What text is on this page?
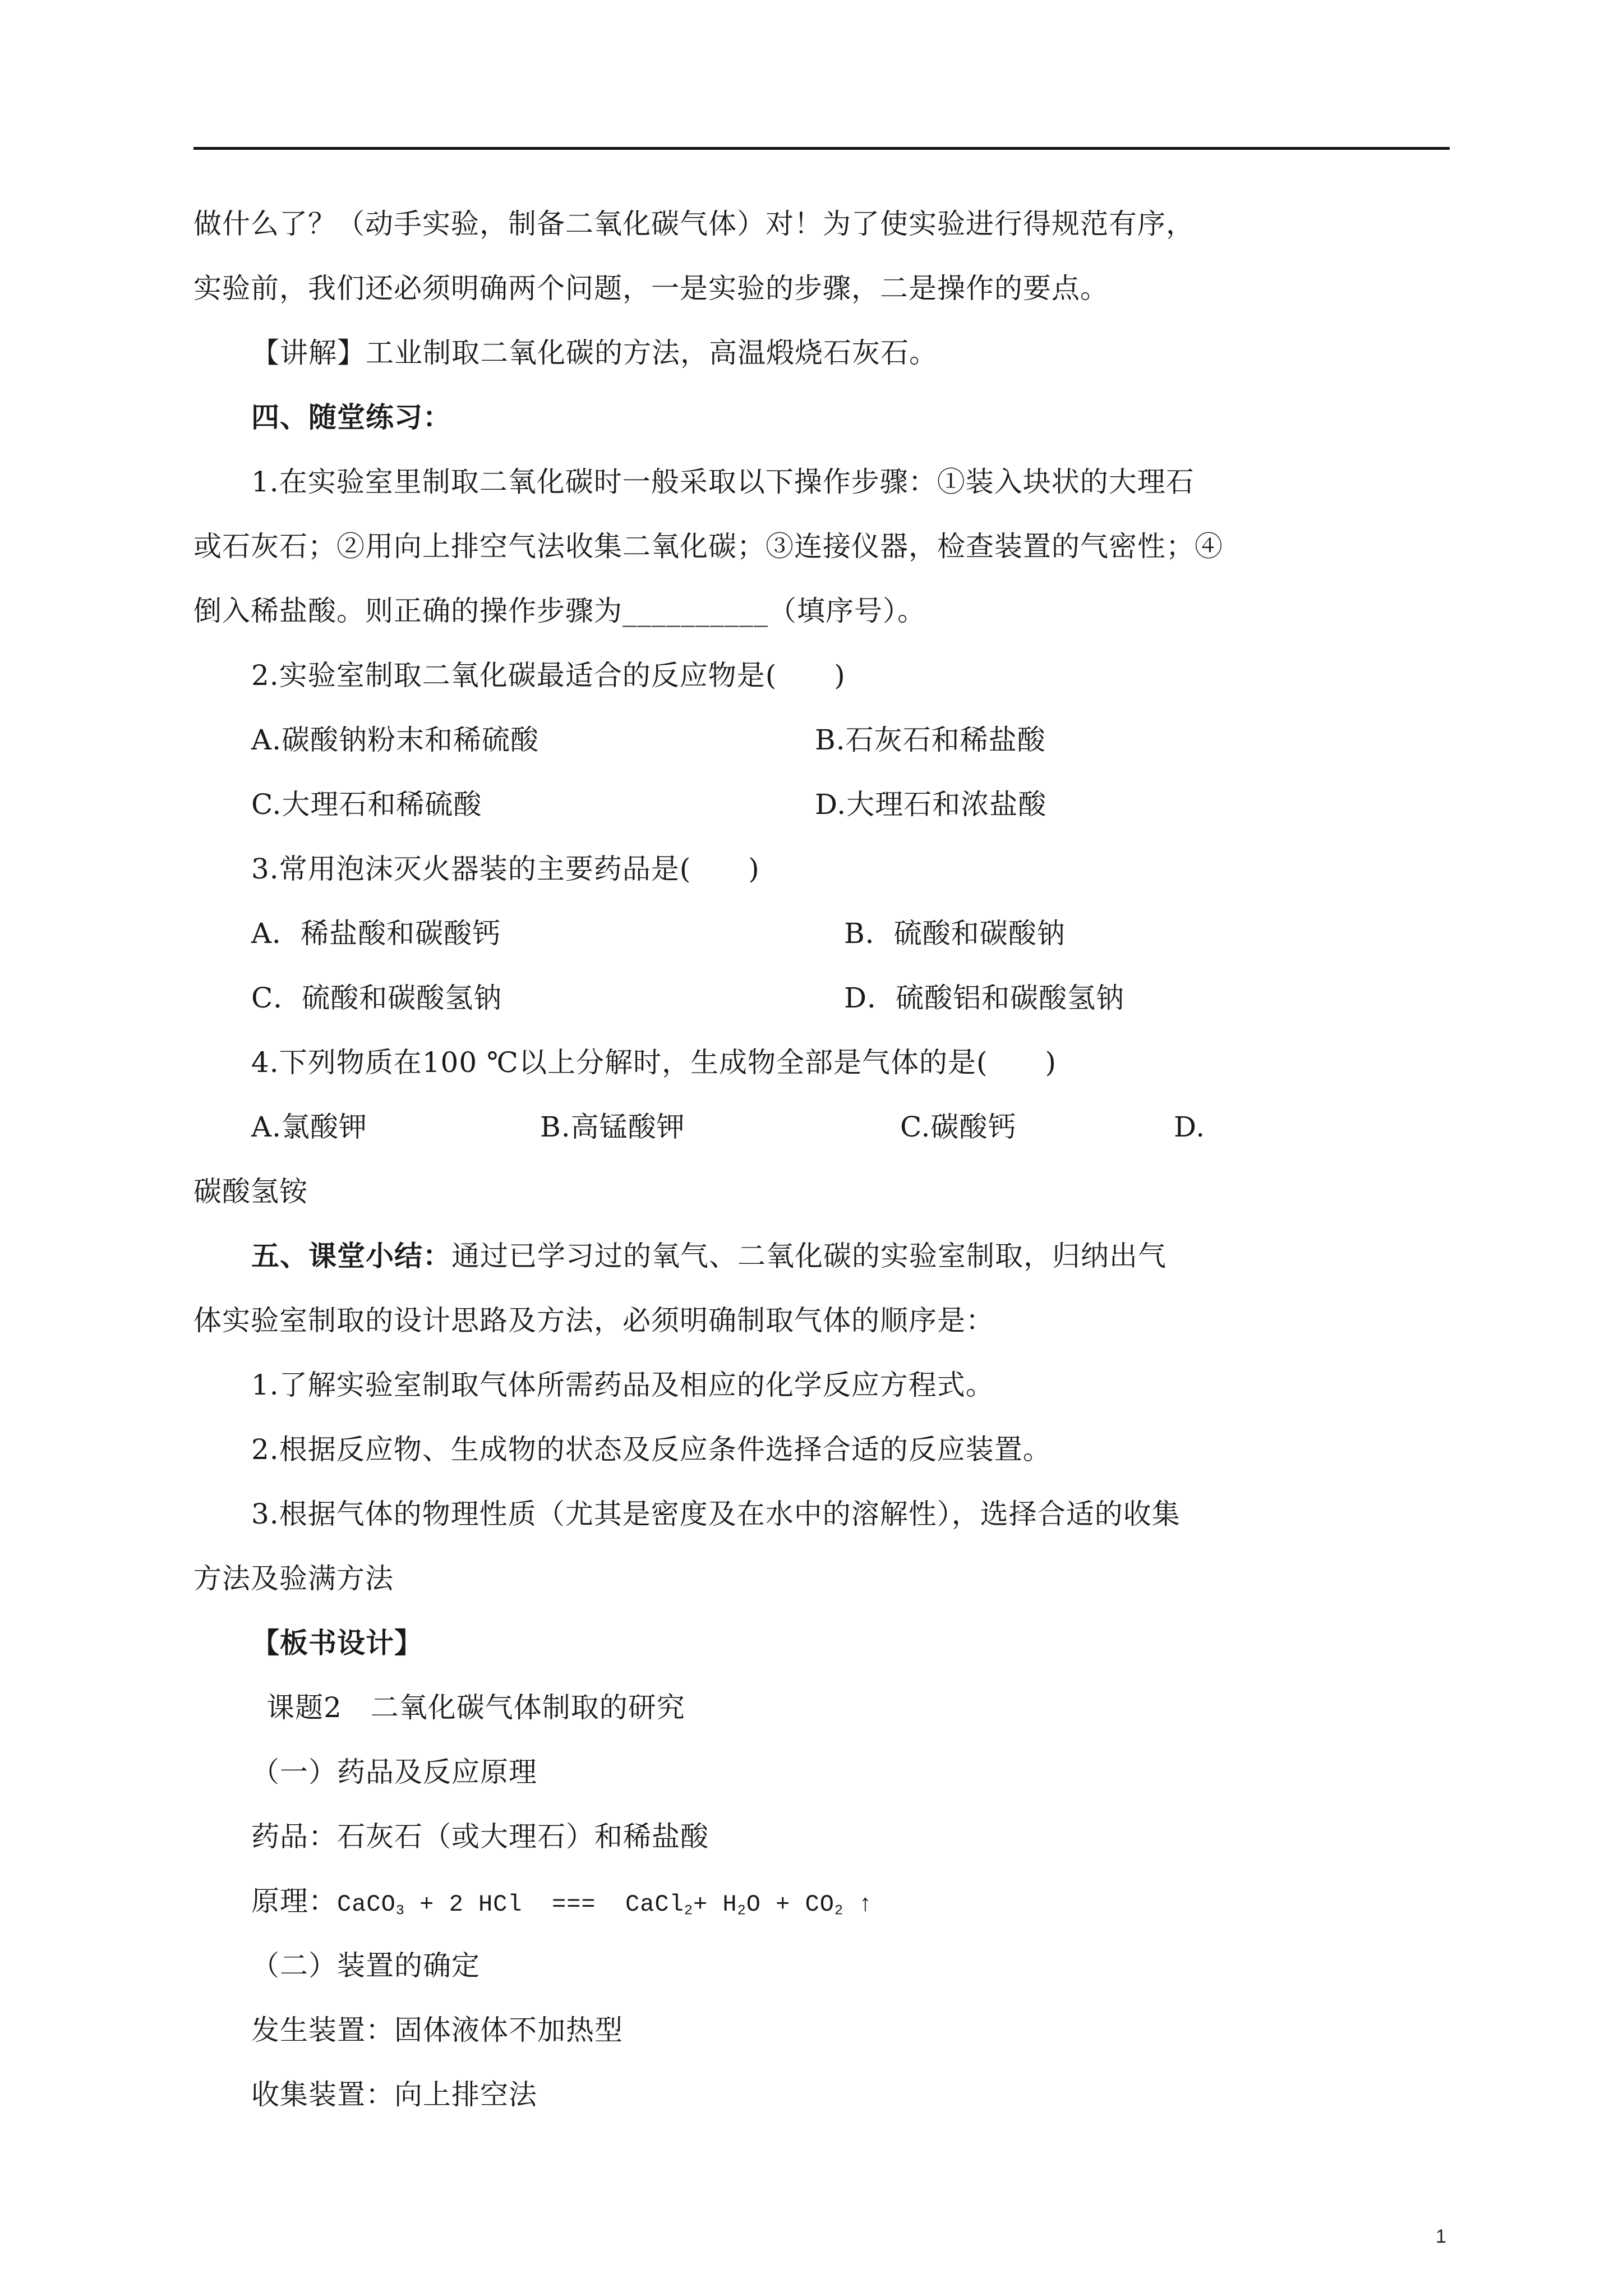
做什么了？（动手实验，制备二氧化碳气体）对！为了使实验进行得规范有序，
实验前，我们还必须明确两个问题，一是实验的步骤，二是操作的要点。
【讲解】工业制取二氧化碳的方法，高温煅烧石灰石。
四、随堂练习：
1.在实验室里制取二氧化碳时一般采取以下操作步骤：①装入块状的大理石
或石灰石；②用向上排空气法收集二氧化碳；③连接仪器，检查装置的气密性；④
倒入稀盐酸。则正确的操作步骤为__________（填序号）。
2.实验室制取二氧化碳最适合的反应物是(　　)
A.碳酸钠粉末和稀硫酸	B.石灰石和稀盐酸
C.大理石和稀硫酸	D.大理石和浓盐酸
3.常用泡沫灭火器装的主要药品是(　　)
A．稀盐酸和碳酸钙	B．硫酸和碳酸钠
C．硫酸和碳酸氢钠	D．硫酸铝和碳酸氢钠
4.下列物质在100 ℃以上分解时，生成物全部是气体的是(　　)
A.氯酸钾	B.高锰酸钾	C.碳酸钙	D.
碳酸氢铵
五、课堂小结：通过已学习过的氧气、二氧化碳的实验室制取，归纳出气
体实验室制取的设计思路及方法，必须明确制取气体的顺序是：
1.了解实验室制取气体所需药品及相应的化学反应方程式。
2.根据反应物、生成物的状态及反应条件选择合适的反应装置。
3.根据气体的物理性质（尤其是密度及在水中的溶解性），选择合适的收集
方法及验满方法
【板书设计】
课题2　二氧化碳气体制取的研究
（一）药品及反应原理
药品：石灰石（或大理石）和稀盐酸
原理：CaCO$_3$ + 2 HCl  ===  CaCl$_2$+ $H_2O + CO_2$ ↑
（二）装置的确定
发生装置：固体液体不加热型
收集装置：向上排空法
1
